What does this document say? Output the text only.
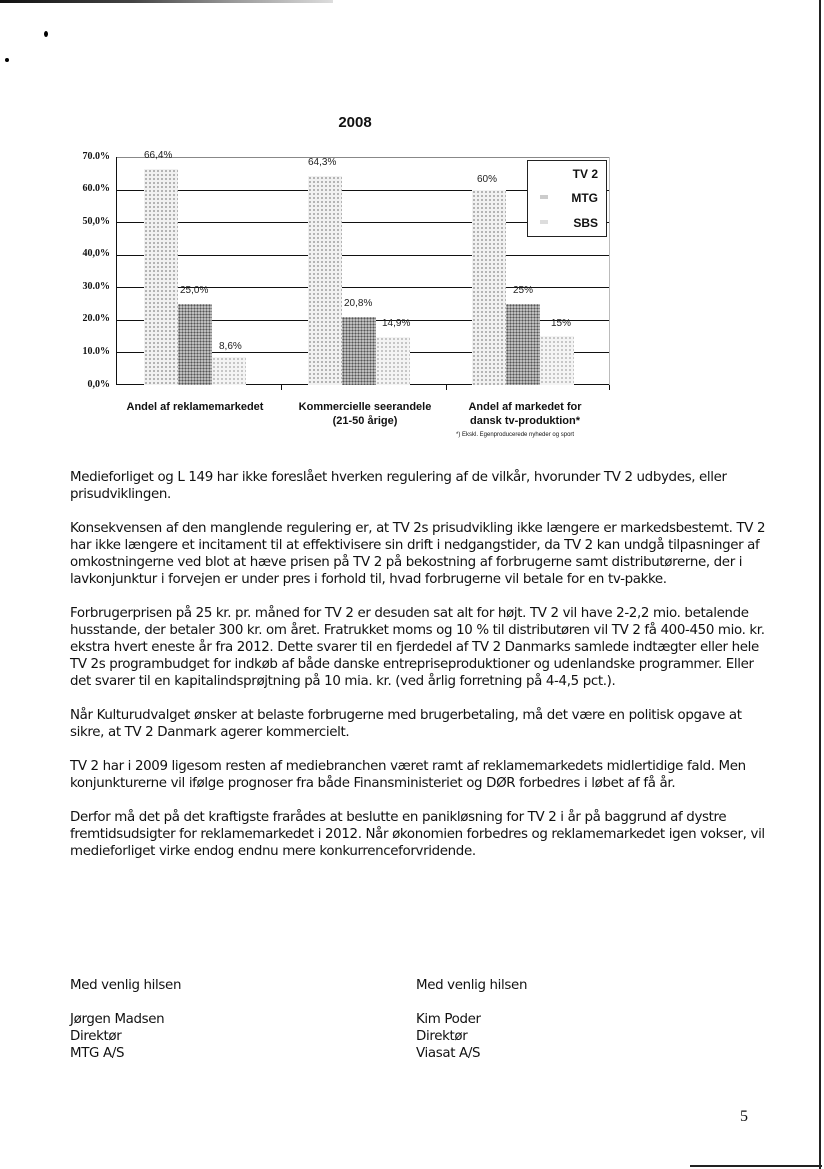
2008
70.0%
60.0%
50,0%
40,0%
30.0%
20.0%
10.0%
0,0%
66,4%
25,0%
8,6%
64,3%
20,8%
14,9%
60%
25%
15%
TV 2
MTG
SBS
Andel af reklamemarkedet	Kommercielle seerandele
(21-50 årige)
Andel af markedet for
dansk tv-produktion*
*) Ekskl. Egenproducerede nyheder og sport

Medieforliget og L 149 har ikke foreslået hverken regulering af de vilkår, hvorunder TV 2 udbydes, eller prisudviklingen.

Konsekvensen af den manglende regulering er, at TV 2s prisudvikling ikke længere er markedsbestemt. TV 2 har ikke længere et incitament til at effektivisere sin drift i nedgangstider, da TV 2 kan undgå tilpasninger af omkostningerne ved blot at hæve prisen på TV 2 på bekostning af forbrugerne samt distributørerne, der i lavkonjunktur i forvejen er under pres i forhold til, hvad forbrugerne vil betale for en tv-pakke.

Forbrugerprisen på 25 kr. pr. måned for TV 2 er desuden sat alt for højt. TV 2 vil have 2-2,2 mio. betalende husstande, der betaler 300 kr. om året. Fratrukket moms og 10 % til distributøren vil TV 2 få 400-450 mio. kr. ekstra hvert eneste år fra 2012. Dette svarer til en fjerdedel af TV 2 Danmarks samlede indtægter eller hele TV 2s programbudget for indkøb af både danske entrepriseproduktioner og udenlandske programmer. Eller det svarer til en kapitalindsprøjtning på 10 mia. kr. (ved årlig forretning på 4-4,5 pct.).

Når Kulturudvalget ønsker at belaste forbrugerne med brugerbetaling, må det være en politisk opgave at sikre, at TV 2 Danmark agerer kommercielt.

TV 2 har i 2009 ligesom resten af mediebranchen været ramt af reklamemarkedets midlertidige fald. Men konjunkturerne vil ifølge prognoser fra både Finansministeriet og DØR forbedres i løbet af få år.

Derfor må det på det kraftigste frarådes at beslutte en panikløsning for TV 2 i år på baggrund af dystre fremtidsudsigter for reklamemarkedet i 2012. Når økonomien forbedres og reklamemarkedet igen vokser, vil medieforliget virke endog endnu mere konkurrenceforvridende.

Med venlig hilsen
Jørgen Madsen
Direktør
MTG A/S
Med venlig hilsen
Kim Poder
Direktør
Viasat A/S
5
